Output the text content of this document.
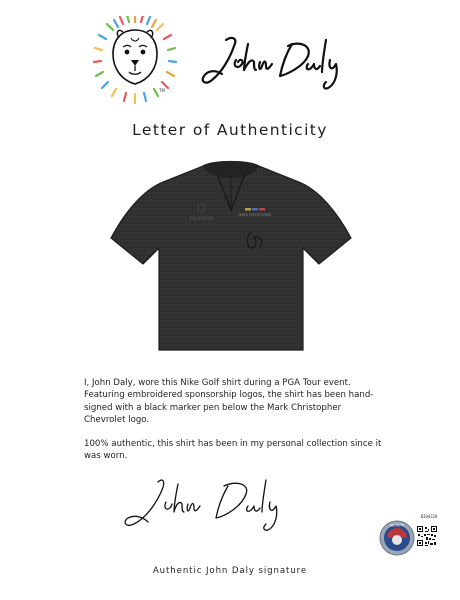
TM
Letter of Authenticity
SOUTHERN
MARK CHRISTOPHER

I, John Daly, wore this Nike Golf shirt during a PGA Tour event. Featuring embroidered sponsorship logos, the shirt has been hand-signed with a black marker pen below the Mark Christopher Chevrolet logo.

100% authentic, this shirt has been in my personal collection since it was worn.

BECKETT
BJ04320
Authentic John Daly signature
